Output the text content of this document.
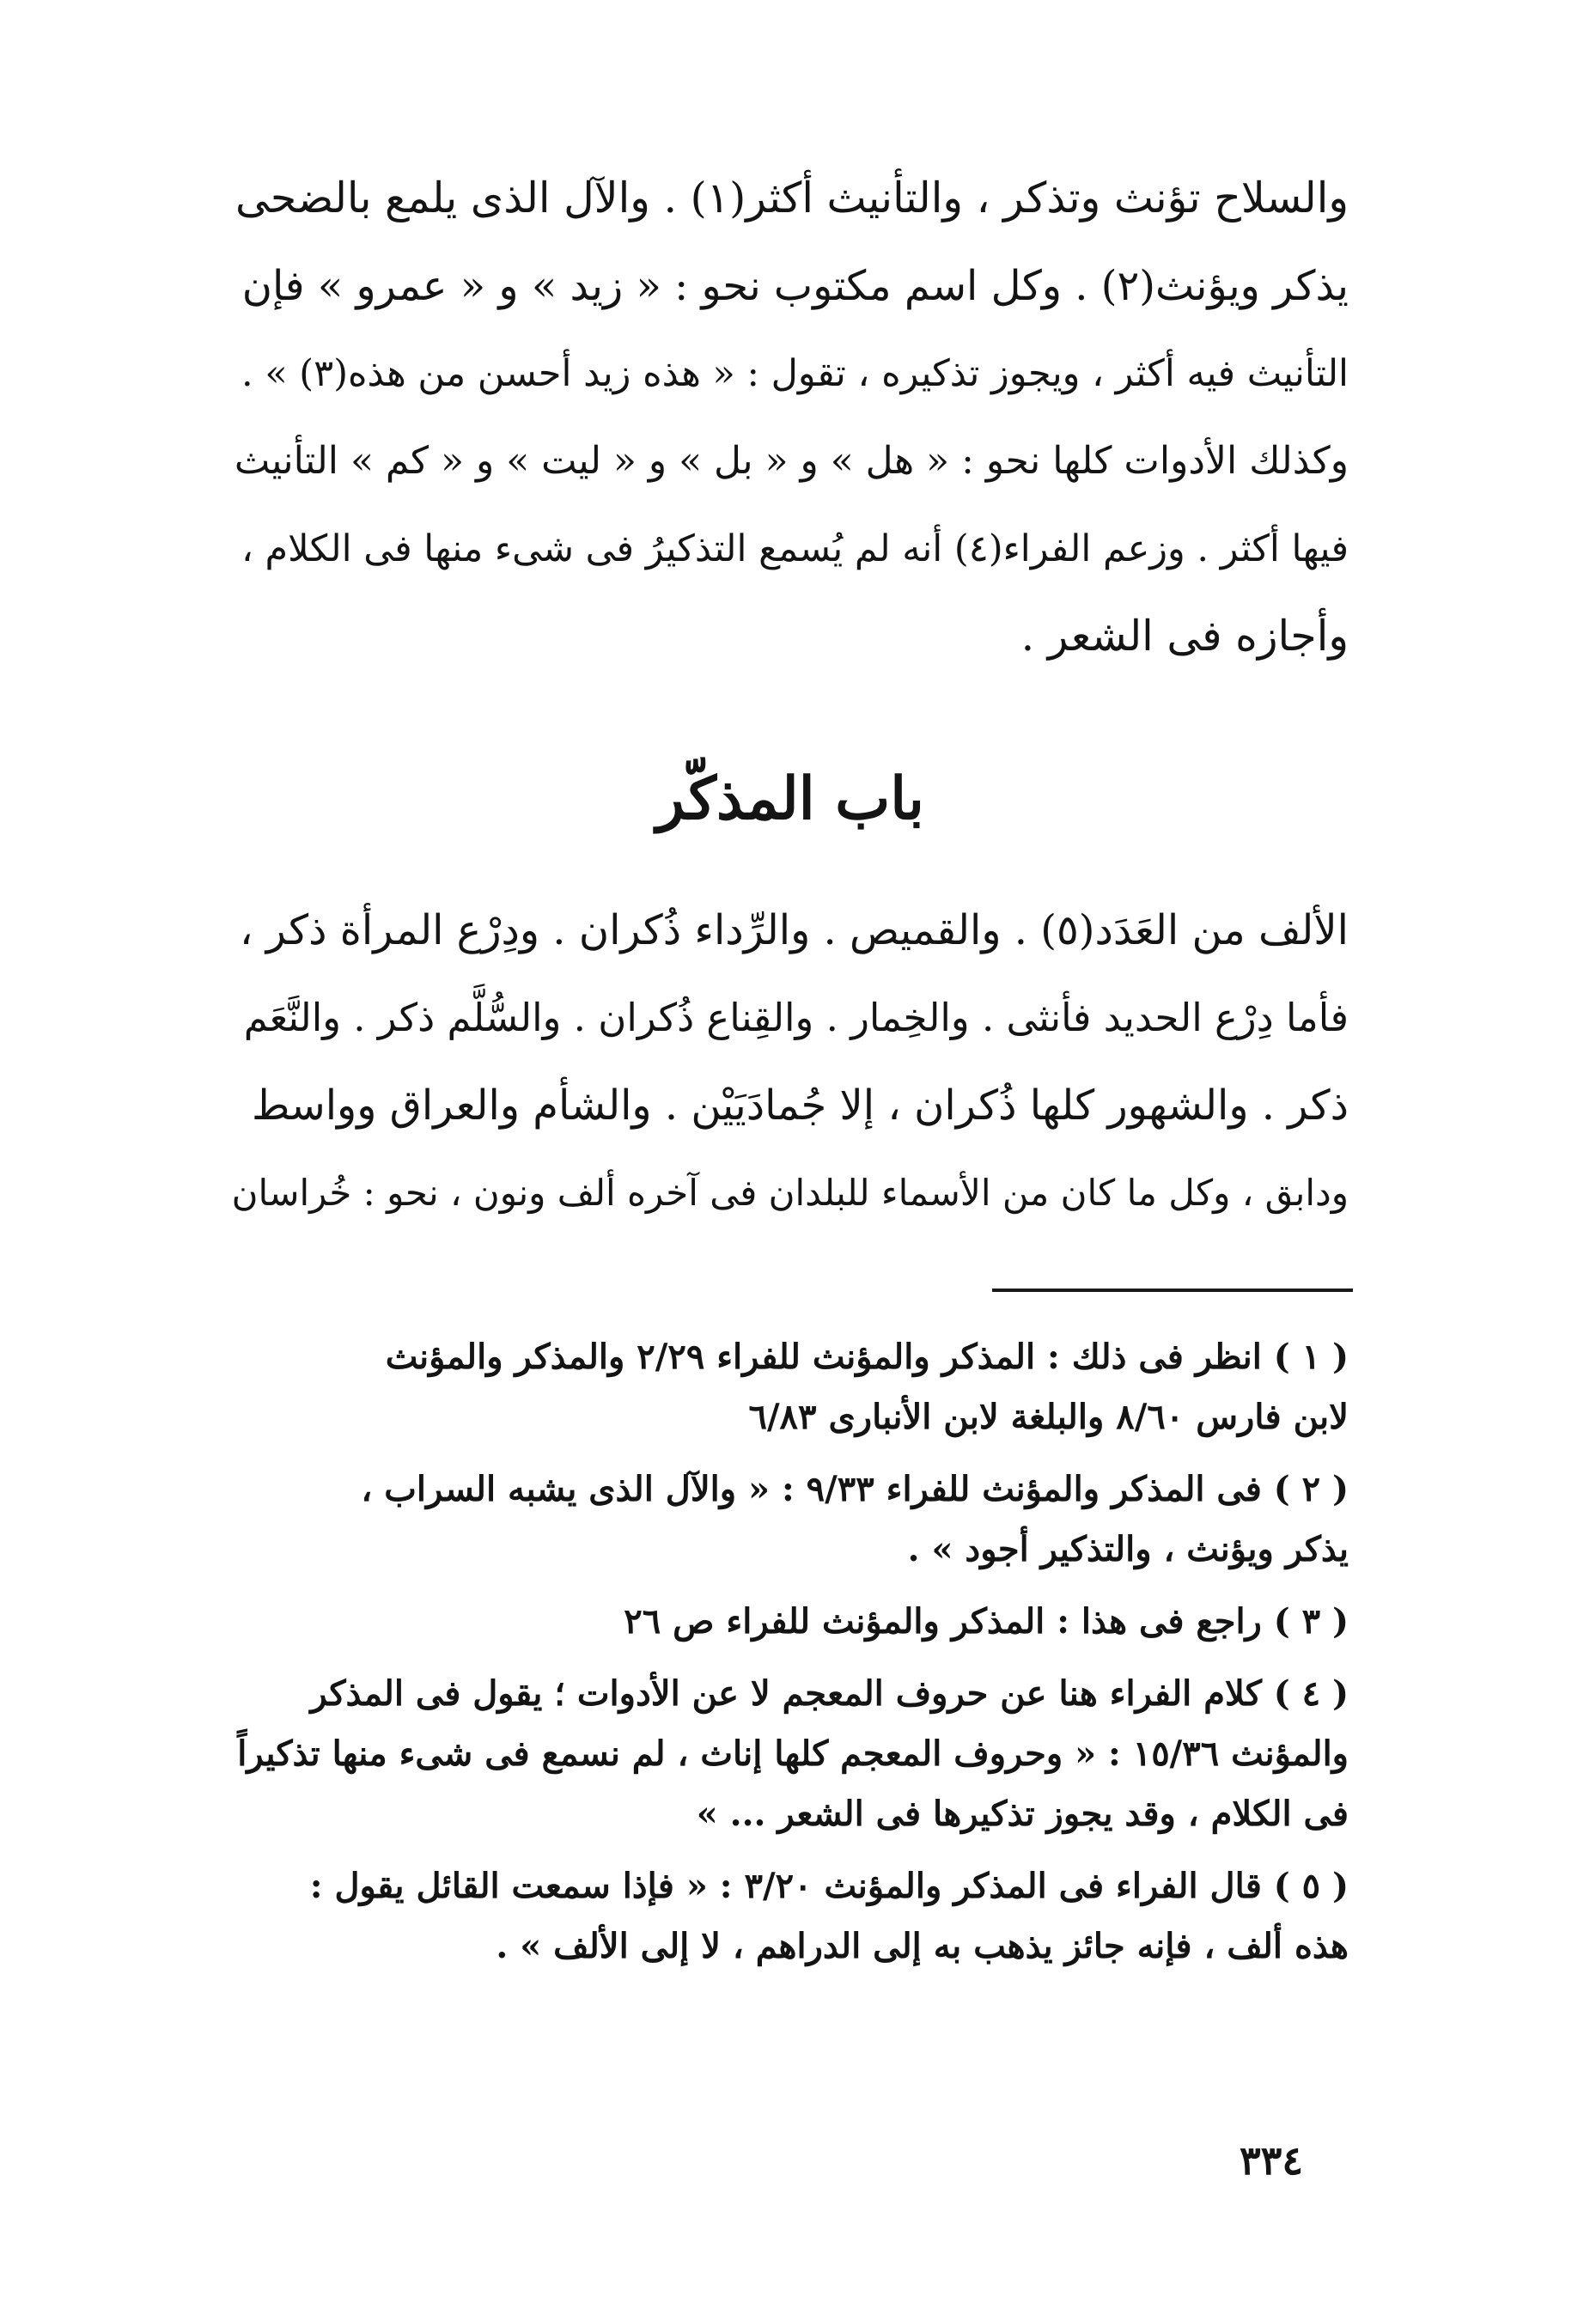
والسلاح تؤنث وتذكر ، والتأنيث أكثر(١) . والآل الذى يلمع بالضحى
يذكر ويؤنث(٢) . وكل اسم مكتوب نحو : « زيد » و « عمرو » فإن
التأنيث فيه أكثر ، ويجوز تذكيره ، تقول : « هذه زيد أحسن من هذه(٣) » .
وكذلك الأدوات كلها نحو : « هل » و « بل » و « ليت » و « كم » التأنيث
فيها أكثر . وزعم الفراء(٤) أنه لم يُسمع التذكيرُ فى شىء منها فى الكلام ،
وأجازه فى الشعر .
باب المذكّر
الألف من العَدَد(٥) . والقميص . والرِّداء ذُكران . ودِرْع المرأة ذكر ،
فأما دِرْع الحديد فأنثى . والخِمار . والقِناع ذُكران . والسُّلَّم ذكر . والنَّعَم
ذكر . والشهور كلها ذُكران ، إلا جُمادَيَيْن . والشأم والعراق وواسط
ودابق ، وكل ما كان من الأسماء للبلدان فى آخره ألف ونون ، نحو : خُراسان
( ١ ) انظر فى ذلك : المذكر والمؤنث للفراء ٢/٢٩ والمذكر والمؤنث
لابن فارس ٨/٦٠ والبلغة لابن الأنبارى ٦/٨٣
( ٢ ) فى المذكر والمؤنث للفراء ٩/٣٣ : « والآل الذى يشبه السراب ،
يذكر ويؤنث ، والتذكير أجود » .
( ٣ ) راجع فى هذا : المذكر والمؤنث للفراء ص ٢٦
( ٤ ) كلام الفراء هنا عن حروف المعجم لا عن الأدوات ؛ يقول فى المذكر
والمؤنث ١٥/٣٦ : « وحروف المعجم كلها إناث ، لم نسمع فى شىء منها تذكيراً
فى الكلام ، وقد يجوز تذكيرها فى الشعر ... »
( ٥ ) قال الفراء فى المذكر والمؤنث ٣/٢٠ : « فإذا سمعت القائل يقول :
هذه ألف ، فإنه جائز يذهب به إلى الدراهم ، لا إلى الألف » .
٣٣٤
